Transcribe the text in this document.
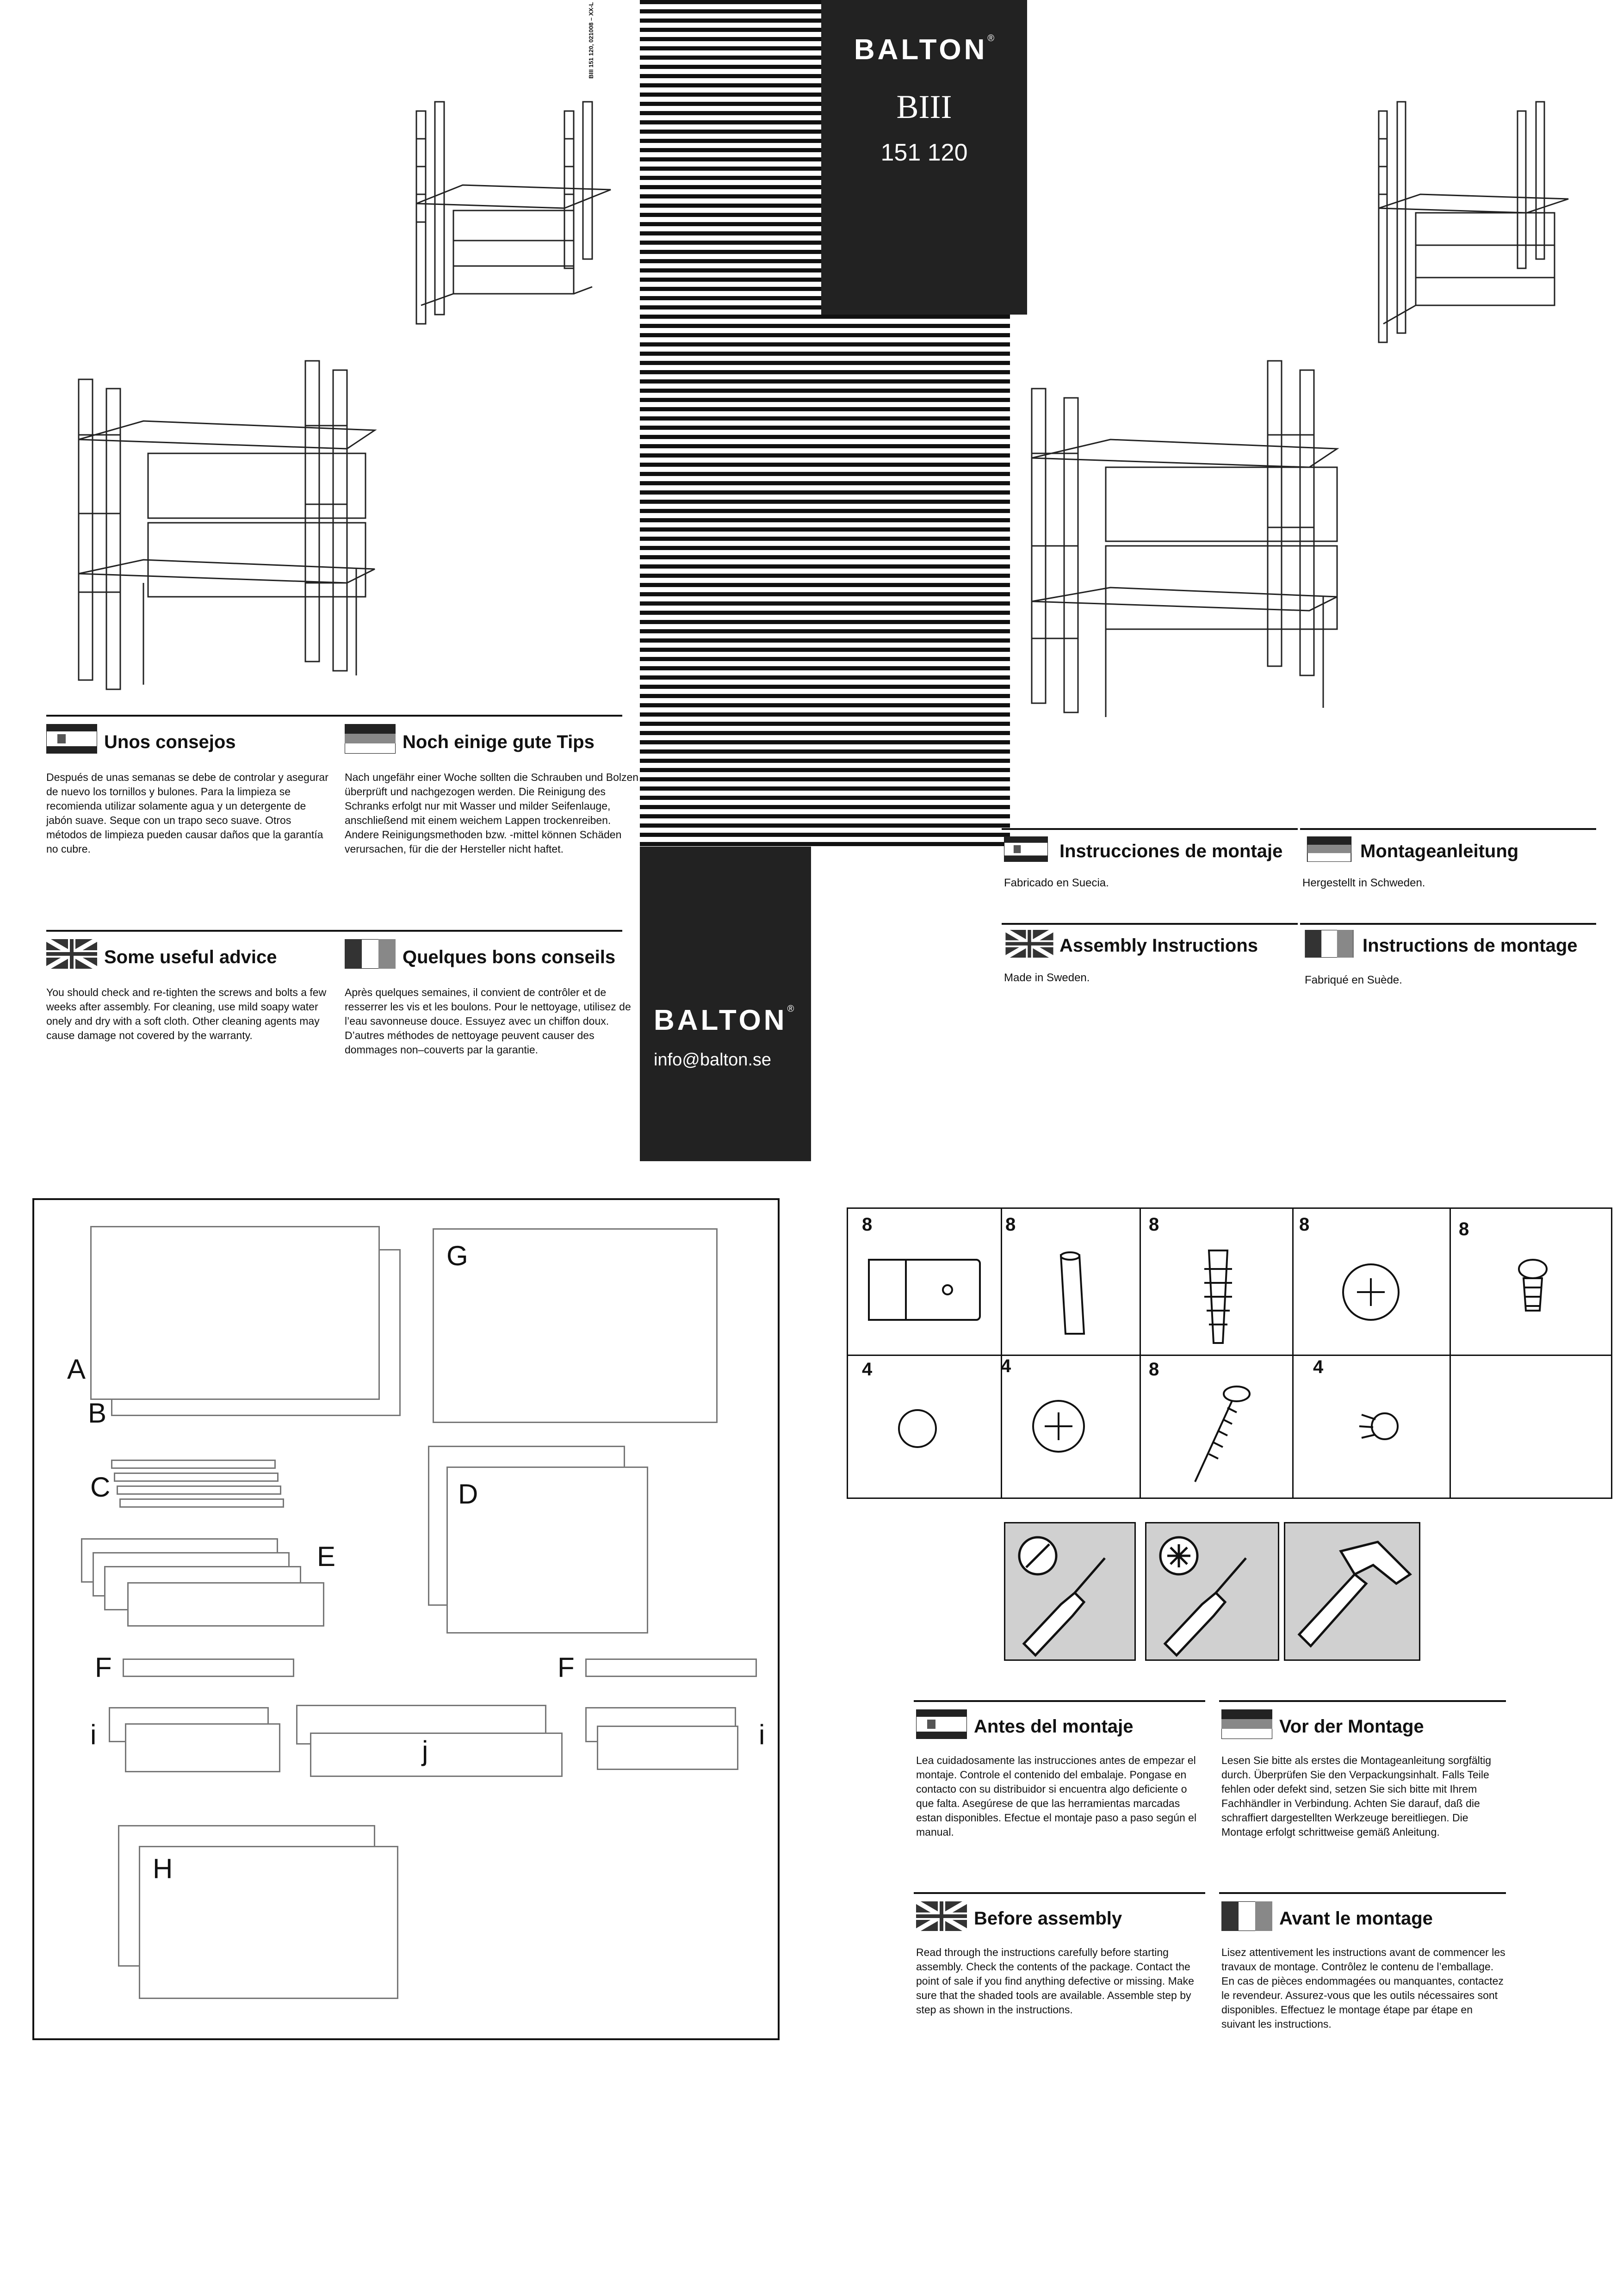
BIII 151 120, 021008 – XX-L	BALTON®
BIII
151 120
BALTON®
info@balton.se
Unos consejos
Después de unas semanas se debe de controlar y asegurar de nuevo los tornillos y bulones. Para la limpieza se recomienda utilizar solamente agua y un detergente de jabón suave. Seque con un trapo seco suave. Otros métodos de limpieza pueden causar daños que la garantía no cubre.
Noch einige gute Tips
Nach ungefähr einer Woche sollten die Schrauben und Bolzen überprüft und nachgezogen werden. Die Reinigung des Schranks erfolgt nur mit Wasser und milder Seifenlauge, anschließend mit einem weichem Lappen trockenreiben. Andere Reinigungsmethoden bzw. -mittel können Schäden verursachen, für die der Hersteller nicht haftet.
Some useful advice
You should check and re-tighten the screws and bolts a few weeks after assembly. For cleaning, use mild soapy water onely and dry with a soft cloth. Other cleaning agents may cause damage not covered by the warranty.
Quelques bons conseils
Après quelques semaines, il convient de contrôler et de resserrer les vis et les boulons. Pour le nettoyage, utilisez de l’eau savonneuse douce. Essuyez avec un chiffon doux. D’autres méthodes de nettoyage peuvent causer des dommages non–couverts par la garantie.
Instrucciones de montaje
Fabricado en Suecia.
Montageanleitung
Hergestellt in Schweden.
Assembly Instructions
Made in Sweden.
Instructions de montage
Fabriqué en Suède.
A
B
G
C	D
E
F	F
i
j
i
H
8	8	8	8	8
4	4	8	4
Antes del montaje
Lea cuidadosamente las instrucciones antes de empezar el montaje. Controle el contenido del embalaje. Pongase en contacto con su distribuidor si encuentra algo deficiente o que falta. Asegúrese de que las herramientas marcadas estan disponibles. Efectue el montaje paso a paso según el manual.
Vor der Montage
Lesen Sie bitte als erstes die Montageanleitung sorgfältig durch. Überprüfen Sie den Verpackungsinhalt. Falls Teile fehlen oder defekt sind, setzen Sie sich bitte mit Ihrem Fachhändler in Verbindung. Achten Sie darauf, daß die schraffiert dargestellten Werkzeuge bereitliegen. Die Montage erfolgt schrittweise gemäß Anleitung.
Before assembly
Read through the instructions carefully before starting assembly. Check the contents of the package. Contact the point of sale if you find anything defective or missing. Make sure that the shaded tools are available. Assemble step by step as shown in the instructions.
Avant le montage
Lisez attentivement les instructions avant de commencer les travaux de montage. Contrôlez le contenu de l’emballage. En cas de pièces endommagées ou manquantes, contactez le revendeur. Assurez-vous que les outils nécessaires sont disponibles. Effectuez le montage étape par étape en suivant les instructions.
